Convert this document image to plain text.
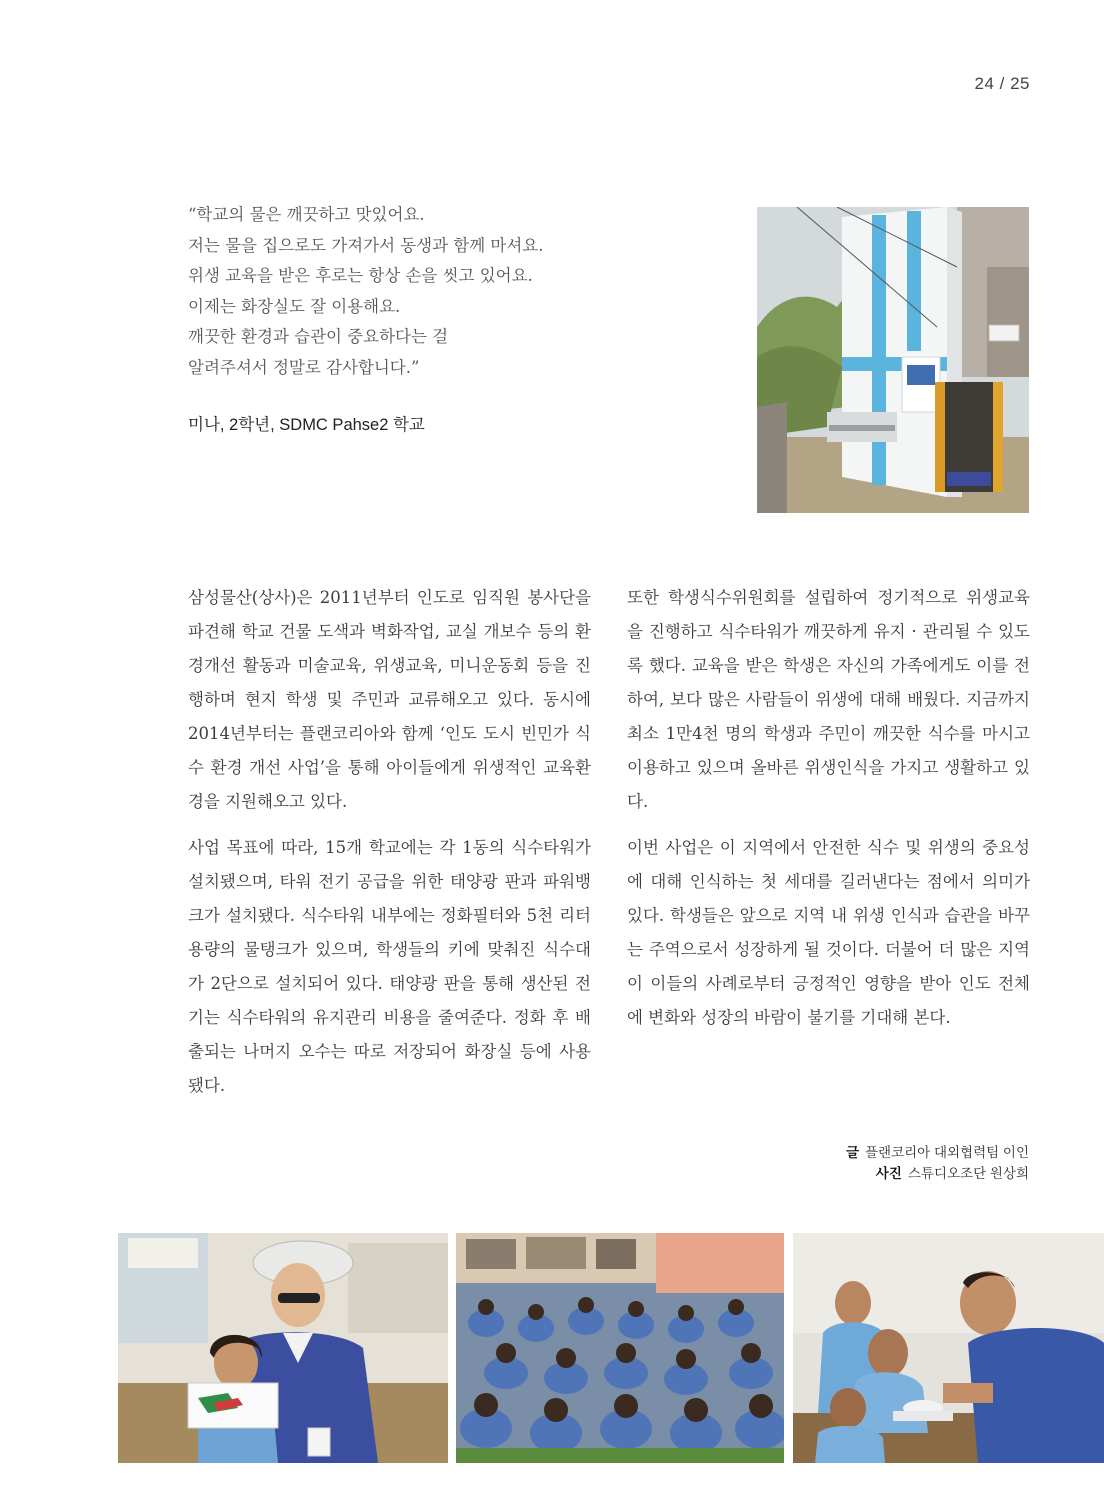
24 / 25
“학교의 물은 깨끗하고 맛있어요.
저는 물을 집으로도 가져가서 동생과 함께 마셔요.
위생 교육을 받은 후로는 항상 손을 씻고 있어요.
이제는 화장실도 잘 이용해요.
깨끗한 환경과 습관이 중요하다는 걸
알려주셔서 정말로 감사합니다.”
미나, 2학년, SDMC Pahse2 학교

삼성물산(상사)은 2011년부터 인도로 임직원 봉사단을 파견해 학교 건물 도색과 벽화작업, 교실 개보수 등의 환경개선 활동과 미술교육, 위생교육, 미니운동회 등을 진행하며 현지 학생 및 주민과 교류해오고 있다. 동시에 2014년부터는 플랜코리아와 함께 ‘인도 도시 빈민가 식수 환경 개선 사업’을 통해 아이들에게 위생적인 교육환경을 지원해오고 있다.

사업 목표에 따라, 15개 학교에는 각 1동의 식수타워가 설치됐으며, 타워 전기 공급을 위한 태양광 판과 파워뱅크가 설치됐다. 식수타워 내부에는 정화필터와 5천 리터 용량의 물탱크가 있으며, 학생들의 키에 맞춰진 식수대가 2단으로 설치되어 있다. 태양광 판을 통해 생산된 전기는 식수타워의 유지관리 비용을 줄여준다. 정화 후 배출되는 나머지 오수는 따로 저장되어 화장실 등에 사용됐다.

또한 학생식수위원회를 설립하여 정기적으로 위생교육을 진행하고 식수타워가 깨끗하게 유지 · 관리될 수 있도록 했다. 교육을 받은 학생은 자신의 가족에게도 이를 전하여, 보다 많은 사람들이 위생에 대해 배웠다. 지금까지 최소 1만4천 명의 학생과 주민이 깨끗한 식수를 마시고 이용하고 있으며 올바른 위생인식을 가지고 생활하고 있다.

이번 사업은 이 지역에서 안전한 식수 및 위생의 중요성에 대해 인식하는 첫 세대를 길러낸다는 점에서 의미가 있다. 학생들은 앞으로 지역 내 위생 인식과 습관을 바꾸는 주역으로서 성장하게 될 것이다. 더불어 더 많은 지역이 이들의 사례로부터 긍정적인 영향을 받아 인도 전체에 변화와 성장의 바람이 불기를 기대해 본다.

글 플랜코리아 대외협력팀 이인
사진 스튜디오조단 원상희
